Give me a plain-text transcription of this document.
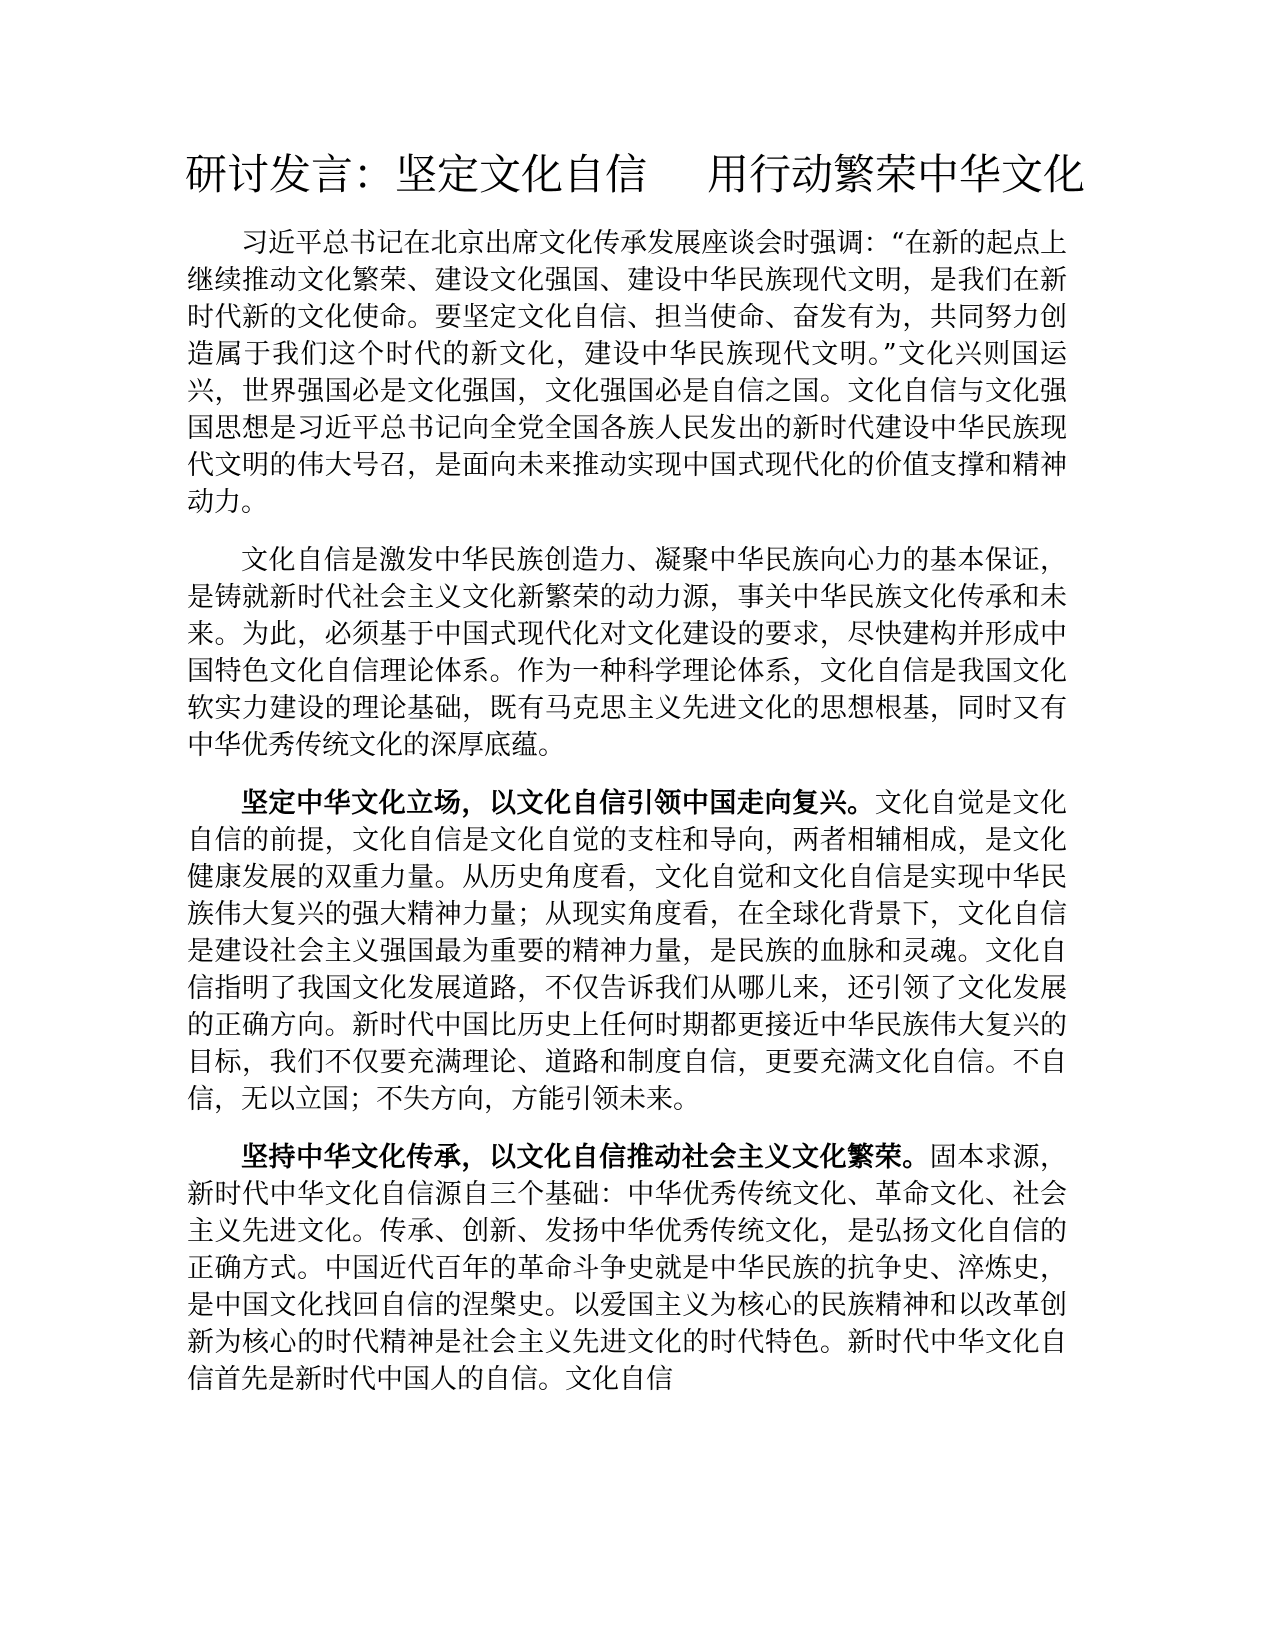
研讨发言：坚定文化自信 用行动繁荣中华文化

习近平总书记在北京出席文化传承发展座谈会时强调：“在新的起点上继续推动文化繁荣、建设文化强国、建设中华民族现代文明，是我们在新时代新的文化使命。要坚定文化自信、担当使命、奋发有为，共同努力创造属于我们这个时代的新文化，建设中华民族现代文明。”文化兴则国运兴，世界强国必是文化强国，文化强国必是自信之国。文化自信与文化强国思想是习近平总书记向全党全国各族人民发出的新时代建设中华民族现代文明的伟大号召，是面向未来推动实现中国式现代化的价值支撑和精神动力。

文化自信是激发中华民族创造力、凝聚中华民族向心力的基本保证，是铸就新时代社会主义文化新繁荣的动力源，事关中华民族文化传承和未来。为此，必须基于中国式现代化对文化建设的要求，尽快建构并形成中国特色文化自信理论体系。作为一种科学理论体系，文化自信是我国文化软实力建设的理论基础，既有马克思主义先进文化的思想根基，同时又有中华优秀传统文化的深厚底蕴。

坚定中华文化立场，以文化自信引领中国走向复兴。文化自觉是文化自信的前提，文化自信是文化自觉的支柱和导向，两者相辅相成，是文化健康发展的双重力量。从历史角度看，文化自觉和文化自信是实现中华民族伟大复兴的强大精神力量；从现实角度看，在全球化背景下，文化自信是建设社会主义强国最为重要的精神力量，是民族的血脉和灵魂。文化自信指明了我国文化发展道路，不仅告诉我们从哪儿来，还引领了文化发展的正确方向。新时代中国比历史上任何时期都更接近中华民族伟大复兴的目标，我们不仅要充满理论、道路和制度自信，更要充满文化自信。不自信，无以立国；不失方向，方能引领未来。

坚持中华文化传承，以文化自信推动社会主义文化繁荣。固本求源，新时代中华文化自信源自三个基础：中华优秀传统文化、革命文化、社会主义先进文化。传承、创新、发扬中华优秀传统文化，是弘扬文化自信的正确方式。中国近代百年的革命斗争史就是中华民族的抗争史、淬炼史，是中国文化找回自信的涅槃史。以爱国主义为核心的民族精神和以改革创新为核心的时代精神是社会主义先进文化的时代特色。新时代中华文化自信首先是新时代中国人的自信。文化自信
